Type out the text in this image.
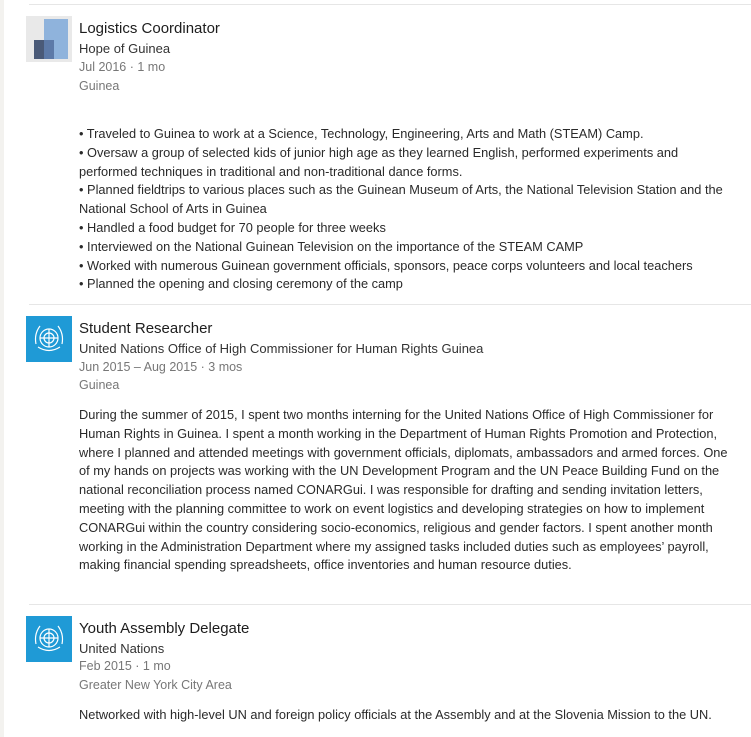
Logistics Coordinator
Hope of Guinea
Jul 2016 · 1 mo
Guinea

• Traveled to Guinea to work at a Science, Technology, Engineering, Arts and Math (STEAM) Camp.

• Oversaw a group of selected kids of junior high age as they learned English, performed experiments and performed techniques in traditional and non-traditional dance forms.

• Planned fieldtrips to various places such as the Guinean Museum of Arts, the National Television Station and the National School of Arts in Guinea

• Handled a food budget for 70 people for three weeks

• Interviewed on the National Guinean Television on the importance of the STEAM CAMP

• Worked with numerous Guinean government officials, sponsors, peace corps volunteers and local teachers

• Planned the opening and closing ceremony of the camp

Student Researcher
United Nations Office of High Commissioner for Human Rights Guinea
Jun 2015 – Aug 2015 · 3 mos
Guinea

During the summer of 2015, I spent two months interning for the United Nations Office of High Commissioner for Human Rights in Guinea. I spent a month working in the Department of Human Rights Promotion and Protection, where I planned and attended meetings with government officials, diplomats, ambassadors and armed forces. One of my hands on projects was working with the UN Development Program and the UN Peace Building Fund on the national reconciliation process named CONARGui. I was responsible for drafting and sending invitation letters, meeting with the planning committee to work on event logistics and developing strategies on how to implement CONARGui within the country considering socio-economics, religious and gender factors. I spent another month working in the Administration Department where my assigned tasks included duties such as employees’ payroll, making financial spending spreadsheets, office inventories and human resource duties.

Youth Assembly Delegate
United Nations
Feb 2015 · 1 mo
Greater New York City Area

Networked with high-level UN and foreign policy officials at the Assembly and at the Slovenia Mission to the UN.
